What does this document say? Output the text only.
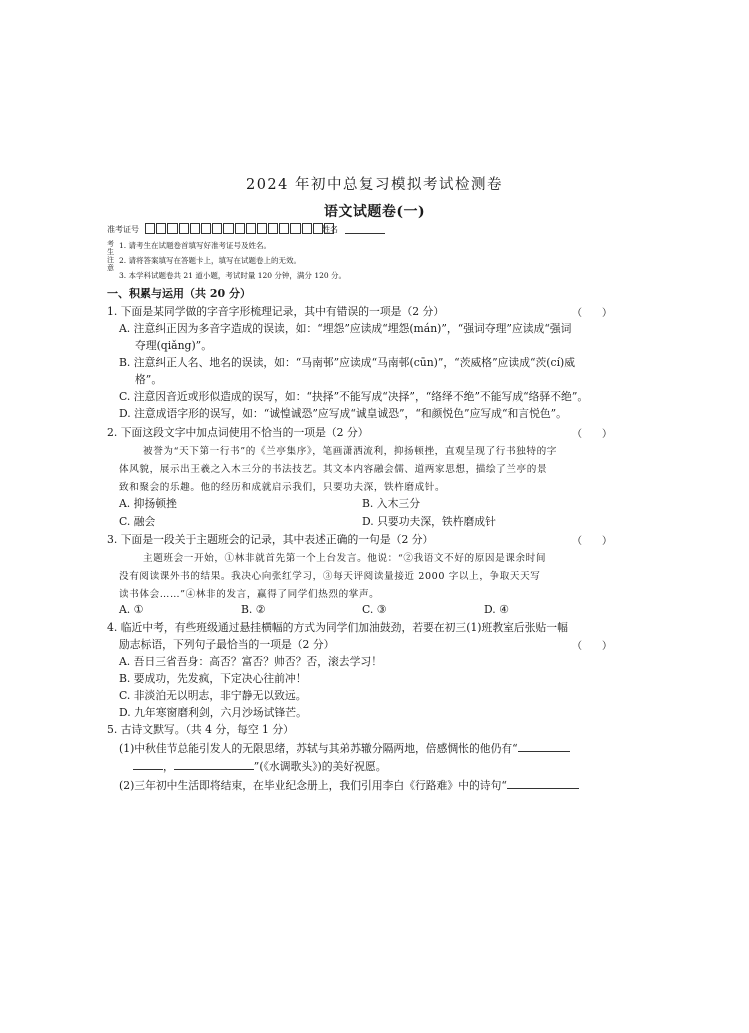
2024 年初中总复习模拟考试检测卷
语文试题卷(一)
准考证号	姓名
考生注意
1. 请考生在试题卷首填写好准考证号及姓名。
2. 请将答案填写在答题卡上，填写在试题卷上的无效。
3. 本学科试题卷共 21 道小题，考试时量 120 分钟，满分 120 分。
一、积累与运用（共 20 分）
1. 下面是某同学做的字音字形梳理记录，其中有错误的一项是（2 分）	（　　）
A. 注意纠正因为多音字造成的误读，如：“埋怨”应读成“埋怨(mán)”，“强词夺理”应读成“强词
夺理(qiǎng)”。
B. 注意纠正人名、地名的误读，如：“马南邨”应读成“马南邨(cūn)”，“茨威格”应读成“茨(cí)威
格”。
C. 注意因音近或形似造成的误写，如：“抉择”不能写成“决择”，“络绎不绝”不能写成“络驿不绝”。
D. 注意成语字形的误写，如：“诚惶诚恐”应写成“诚皇诚恐”，“和颜悦色”应写成“和言悦色”。
2. 下面这段文字中加点词使用不恰当的一项是（2 分）	（　　）
被誉为“天下第一行书”的《兰亭集序》，笔画潇洒流利，抑扬顿挫，直观呈现了行书独特的字
体风貌，展示出王羲之入木三分的书法技艺。其文本内容融会儒、道两家思想，描绘了兰亭的景
致和聚会的乐趣。他的经历和成就启示我们，只要功夫深，铁杵磨成针。
A. 抑扬顿挫	B. 入木三分
C. 融会	D. 只要功夫深，铁杵磨成针
3. 下面是一段关于主题班会的记录，其中表述正确的一句是（2 分）	（　　）
主题班会一开始，①林非就首先第一个上台发言。他说：“②我语文不好的原因是课余时间
没有阅读课外书的结果。我决心向张红学习，③每天评阅读量接近 2000 字以上，争取天天写
读书体会……”④林非的发言，赢得了同学们热烈的掌声。
A. ①	B. ②	C. ③	D. ④
4. 临近中考，有些班级通过悬挂横幅的方式为同学们加油鼓劲，若要在初三(1)班教室后张贴一幅
励志标语，下列句子最恰当的一项是（2 分）	（　　）
A. 吾日三省吾身：高否？富否？帅否？否，滚去学习！
B. 要成功，先发疯，下定决心往前冲！
C. 非淡泊无以明志，非宁静无以致远。
D. 九年寒窗磨利剑，六月沙场试锋芒。
5. 古诗文默写。（共 4 分，每空 1 分）
(1)中秋佳节总能引发人的无限思绪，苏轼与其弟苏辙分隔两地，倍感惆怅的他仍有“
，	”(《水调歌头》)的美好祝愿。
(2)三年初中生活即将结束，在毕业纪念册上，我们引用李白《行路难》中的诗句“
